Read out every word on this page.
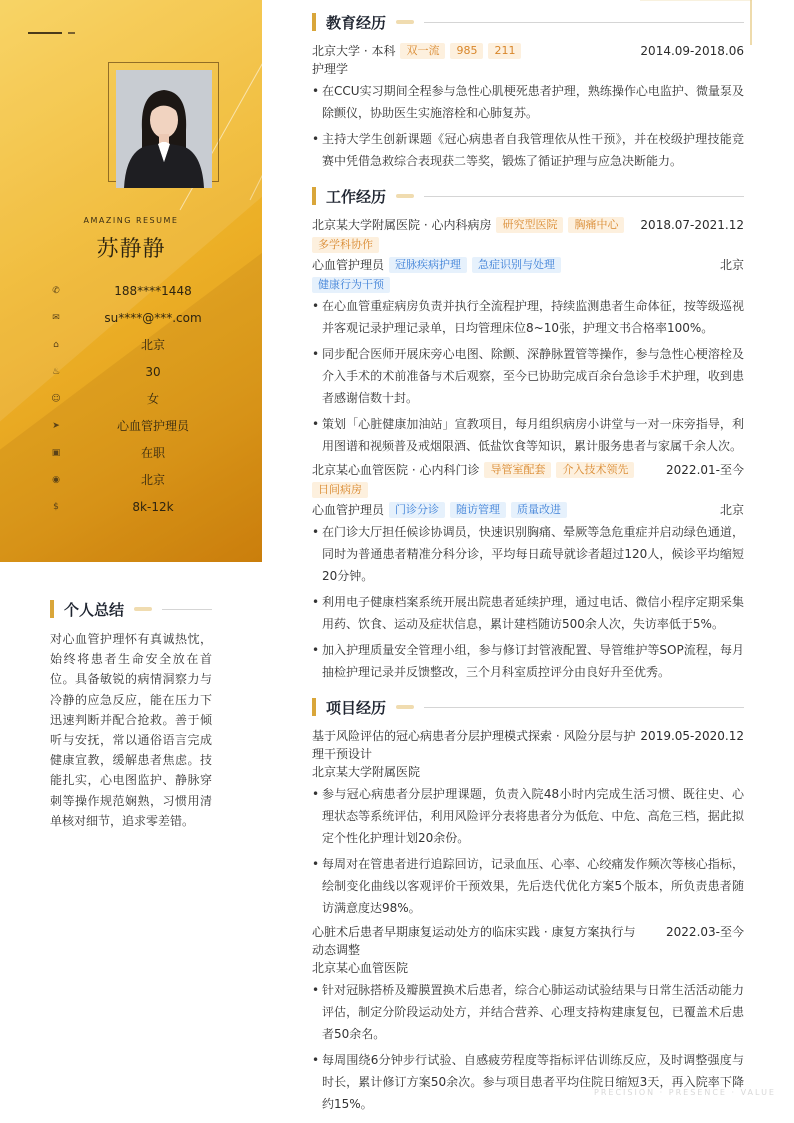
AMAZING RESUME
苏静静
✆	188****1448
✉	su****@***.com
⌂	北京
♨	30
☺	女
➤	心血管护理员
▣	在职
◉	北京
$	8k-12k
个人总结
对心血管护理怀有真诚热忱，始终将患者生命安全放在首位。具备敏锐的病情洞察力与冷静的应急反应，能在压力下迅速判断并配合抢救。善于倾听与安抚，常以通俗语言完成健康宣教，缓解患者焦虑。技能扎实，心电图监护、静脉穿刺等操作规范娴熟，习惯用清单核对细节，追求零差错。
教育经历
北京大学 · 本科	双一流	985	211	2014.09-2018.06
护理学
• 在CCU实习期间全程参与急性心肌梗死患者护理，熟练操作心电监护、微量泵及除颤仪，协助医生实施溶栓和心肺复苏。
• 主持大学生创新课题《冠心病患者自我管理依从性干预》，并在校级护理技能竞赛中凭借急救综合表现获二等奖，锻炼了循证护理与应急决断能力。
工作经历
北京某大学附属医院 · 心内科病房	研究型医院	胸痛中心
多学科协作
2018.07-2021.12
心血管护理员	冠脉疾病护理	急症识别与处理
健康行为干预
北京
• 在心血管重症病房负责并执行全流程护理，持续监测患者生命体征，按等级巡视并客观记录护理记录单，日均管理床位8~10张，护理文书合格率100%。
• 同步配合医师开展床旁心电图、除颤、深静脉置管等操作，参与急性心梗溶栓及介入手术的术前准备与术后观察，至今已协助完成百余台急诊手术护理，收到患者感谢信数十封。
• 策划「心脏健康加油站」宣教项目，每月组织病房小讲堂与一对一床旁指导，利用图谱和视频普及戒烟限酒、低盐饮食等知识，累计服务患者与家属千余人次。
北京某心血管医院 · 心内科门诊	导管室配套	介入技术领先
日间病房
2022.01-至今
心血管护理员	门诊分诊	随访管理	质量改进	北京
• 在门诊大厅担任候诊协调员，快速识别胸痛、晕厥等急危重症并启动绿色通道，同时为普通患者精准分科分诊，平均每日疏导就诊者超过120人，候诊平均缩短20分钟。
• 利用电子健康档案系统开展出院患者延续护理，通过电话、微信小程序定期采集用药、饮食、运动及症状信息，累计建档随访500余人次，失访率低于5%。
• 加入护理质量安全管理小组，参与修订封管液配置、导管维护等SOP流程，每月抽检护理记录并反馈整改，三个月科室质控评分由良好升至优秀。
项目经历
基于风险评估的冠心病患者分层护理模式探索 · 风险分层与护理干预设计
2019.05-2020.12
北京某大学附属医院
• 参与冠心病患者分层护理课题，负责入院48小时内完成生活习惯、既往史、心理状态等系统评估，利用风险评分表将患者分为低危、中危、高危三档，据此拟定个性化护理计划20余份。
• 每周对在管患者进行追踪回访，记录血压、心率、心绞痛发作频次等核心指标，绘制变化曲线以客观评价干预效果，先后迭代优化方案5个版本，所负责患者随访满意度达98%。
心脏术后患者早期康复运动处方的临床实践 · 康复方案执行与动态调整
2022.03-至今
北京某心血管医院
• 针对冠脉搭桥及瓣膜置换术后患者，综合心肺运动试验结果与日常生活活动能力评估，制定分阶段运动处方，并结合营养、心理支持构建康复包，已覆盖术后患者50余名。
• 每周围绕6分钟步行试验、自感疲劳程度等指标评估训练反应，及时调整强度与时长，累计修订方案50余次。参与项目患者平均住院日缩短3天，再入院率下降约15%。
PRECISION · PRESENCE · VALUE
